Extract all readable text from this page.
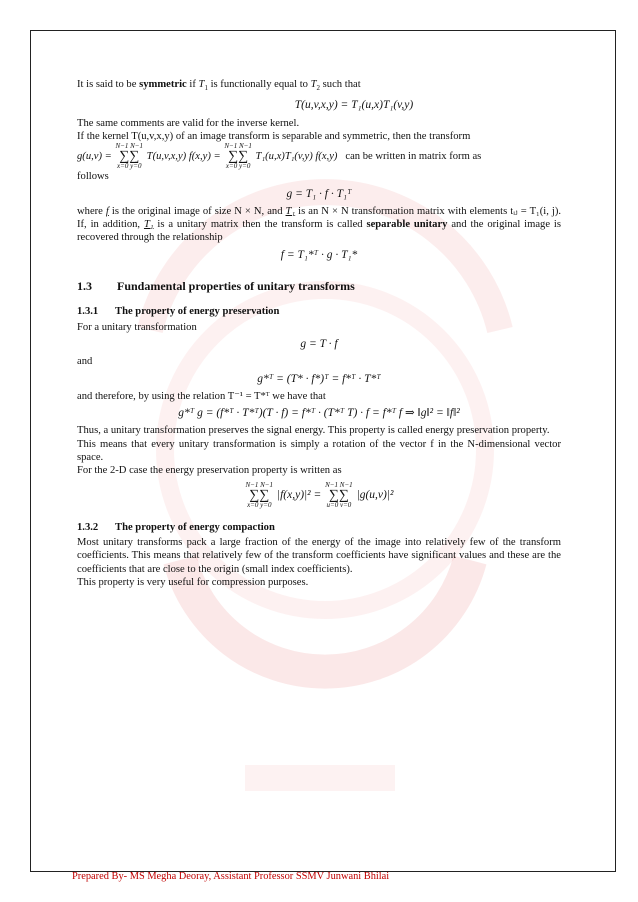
It is said to be symmetric if $T_1$ is functionally equal to $T_2$ such that

T(u,v,x,y) = T₁(u,x)T₁(v,y)

The same comments are valid for the inverse kernel.

If the kernel T(u,v,x,y) of an image transform is separable and symmetric, then the transform

g(u,v) =
N−1 N−1
∑∑
x=0 y=0
T(u,v,x,y) f(x,y) =
N−1 N−1
∑∑
x=0 y=0
T₁(u,x)T₁(v,y) f(x,y) can be written in matrix form as

follows

g = T₁ · f · T₁ᵀ

where f is the original image of size N × N, and T₁ is an N × N transformation matrix with elements tᵢⱼ = T₁(i, j). If, in addition, T₁ is a unitary matrix then the transform is called separable unitary and the original image is recovered through the relationship

f = T₁*ᵀ · g · T₁*
1.3	Fundamental properties of unitary transforms
1.3.1	The property of energy preservation

For a unitary transformation

g = T · f

and

g*ᵀ = (T* · f*)ᵀ = f*ᵀ · T*ᵀ

and therefore, by using the relation T⁻¹ = T*ᵀ we have that

g*ᵀ g = (f*ᵀ · T*ᵀ)(T · f) = f*ᵀ · (T*ᵀ T) · f = f*ᵀ f ⇒ ‖g‖² = ‖f‖²

Thus, a unitary transformation preserves the signal energy. This property is called energy preservation property.

This means that every unitary transformation is simply a rotation of the vector f in the N-dimensional vector space.

For the 2-D case the energy preservation property is written as

N−1 N−1
∑∑
x=0 y=0
|f(x,y)|² =
N−1 N−1
∑∑
u=0 v=0
|g(u,v)|²
1.3.2	The property of energy compaction

Most unitary transforms pack a large fraction of the energy of the image into relatively few of the transform coefficients. This means that relatively few of the transform coefficients have significant values and these are the coefficients that are close to the origin (small index coefficients).

This property is very useful for compression purposes.

Prepared By- MS Megha Deoray, Assistant Professor SSMV Junwani Bhilai
